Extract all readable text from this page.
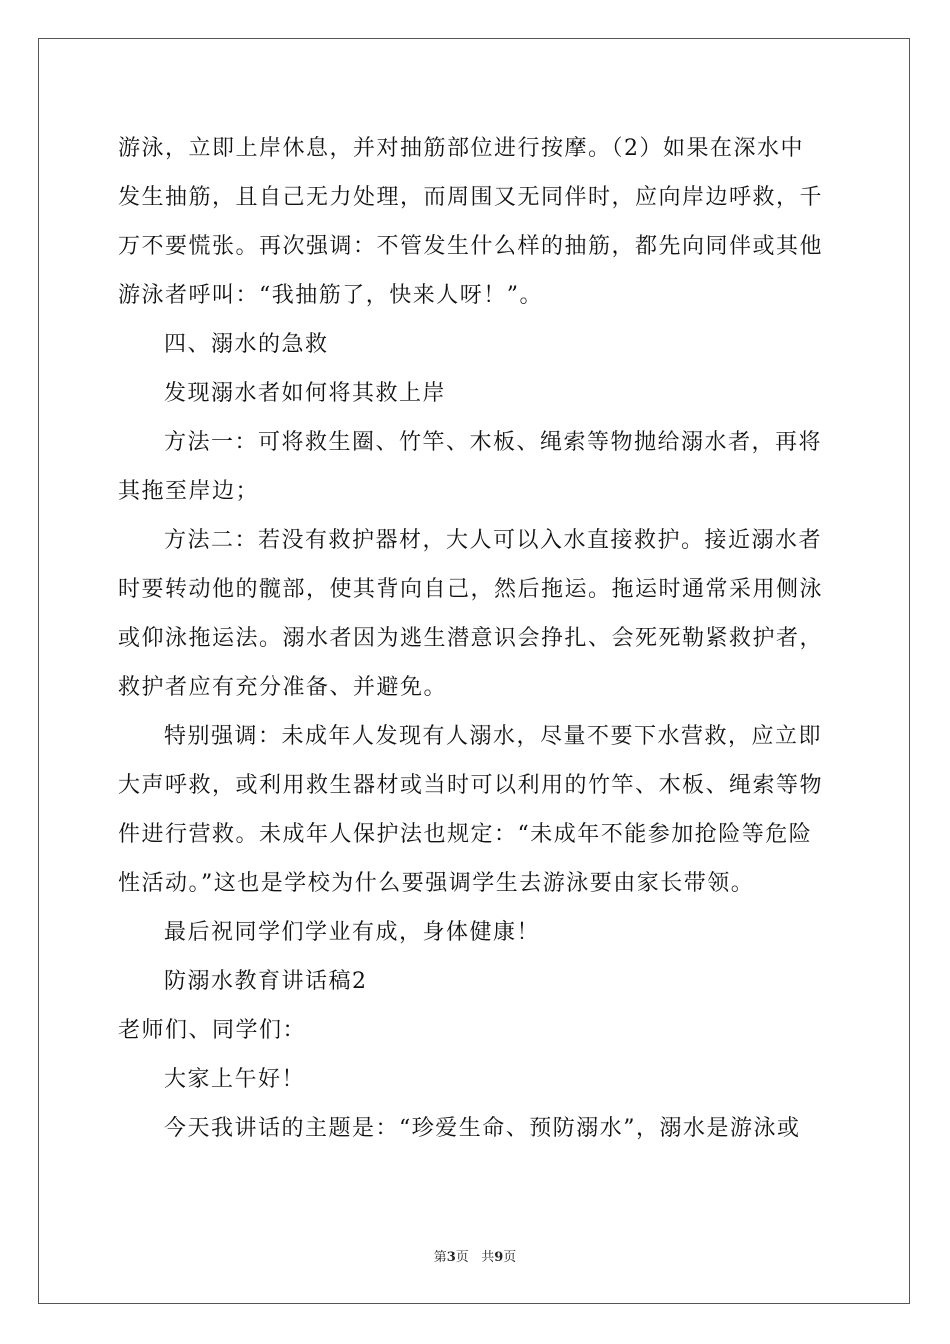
游泳，立即上岸休息，并对抽筋部位进行按摩。（2）如果在深水中
发生抽筋，且自己无力处理，而周围又无同伴时，应向岸边呼救，千
万不要慌张。再次强调：不管发生什么样的抽筋，都先向同伴或其他
游泳者呼叫：“我抽筋了，快来人呀！”。
四、溺水的急救
发现溺水者如何将其救上岸
方法一：可将救生圈、竹竿、木板、绳索等物抛给溺水者，再将
其拖至岸边；
方法二：若没有救护器材，大人可以入水直接救护。接近溺水者
时要转动他的髋部，使其背向自己，然后拖运。拖运时通常采用侧泳
或仰泳拖运法。溺水者因为逃生潜意识会挣扎、会死死勒紧救护者，
救护者应有充分准备、并避免。
特别强调：未成年人发现有人溺水，尽量不要下水营救，应立即
大声呼救，或利用救生器材或当时可以利用的竹竿、木板、绳索等物
件进行营救。未成年人保护法也规定：“未成年不能参加抢险等危险
性活动。”这也是学校为什么要强调学生去游泳要由家长带领。
最后祝同学们学业有成，身体健康！
防溺水教育讲话稿2
老师们、同学们：
大家上午好！
今天我讲话的主题是：“珍爱生命、预防溺水”，溺水是游泳或
第3页 共9页
